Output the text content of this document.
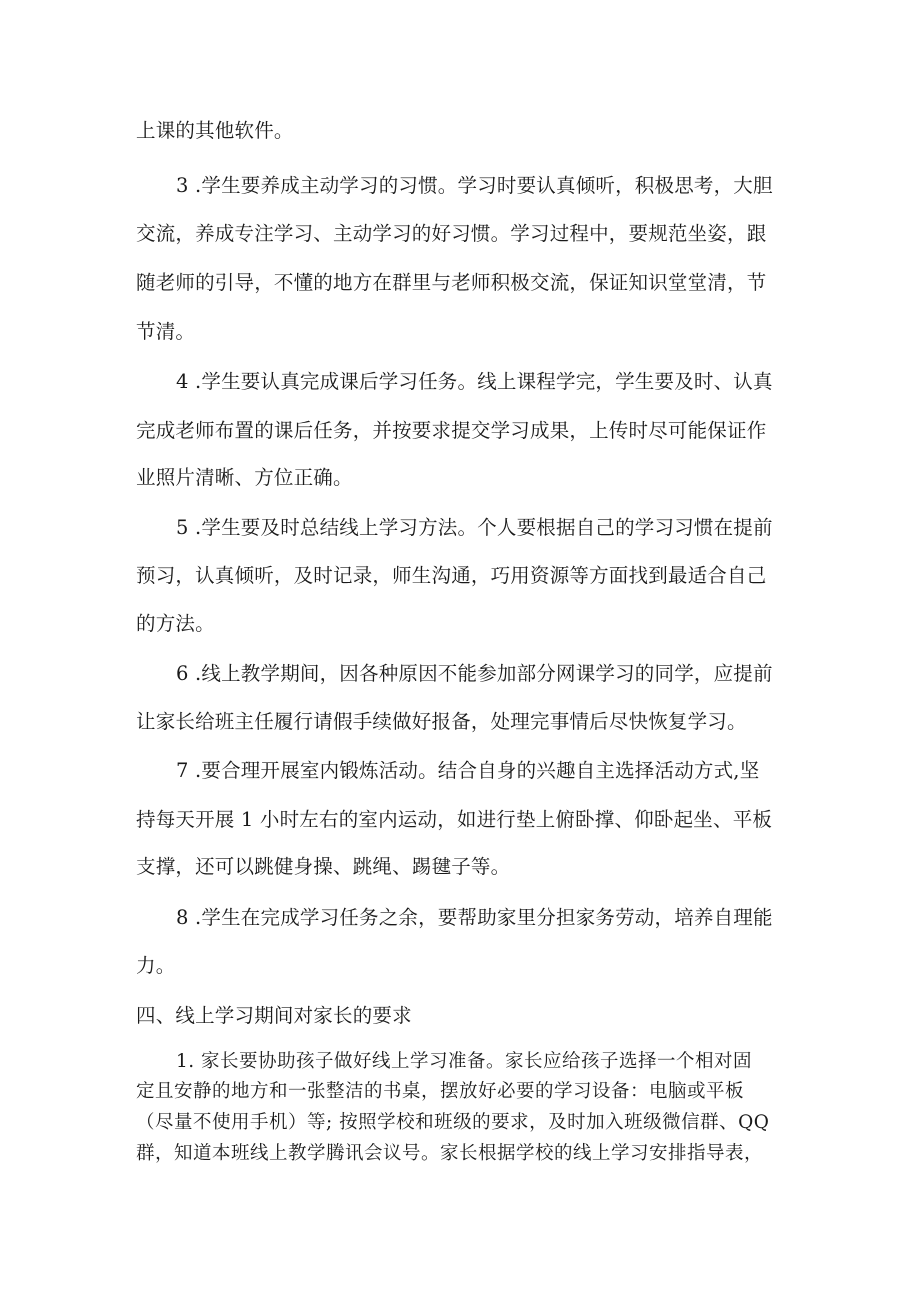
上课的其他软件。
3 .学生要养成主动学习的习惯。学习时要认真倾听，积极思考，大胆
交流，养成专注学习、主动学习的好习惯。学习过程中，要规范坐姿，跟
随老师的引导，不懂的地方在群里与老师积极交流，保证知识堂堂清，节
节清。
4 .学生要认真完成课后学习任务。线上课程学完，学生要及时、认真
完成老师布置的课后任务，并按要求提交学习成果，上传时尽可能保证作
业照片清晰、方位正确。
5 .学生要及时总结线上学习方法。个人要根据自己的学习习惯在提前
预习，认真倾听，及时记录，师生沟通，巧用资源等方面找到最适合自己
的方法。
6 .线上教学期间，因各种原因不能参加部分网课学习的同学，应提前
让家长给班主任履行请假手续做好报备，处理完事情后尽快恢复学习。
7 .要合理开展室内锻炼活动。结合自身的兴趣自主选择活动方式,坚
持每天开展 1 小时左右的室内运动，如进行垫上俯卧撑、仰卧起坐、平板
支撑，还可以跳健身操、跳绳、踢毽子等。
8 .学生在完成学习任务之余，要帮助家里分担家务劳动，培养自理能
力。
四、线上学习期间对家长的要求
1. 家长要协助孩子做好线上学习准备。家长应给孩子选择一个相对固
定且安静的地方和一张整洁的书桌，摆放好必要的学习设备：电脑或平板
（尽量不使用手机）等; 按照学校和班级的要求，及时加入班级微信群、QQ
群，知道本班线上教学腾讯会议号。家长根据学校的线上学习安排指导表，
